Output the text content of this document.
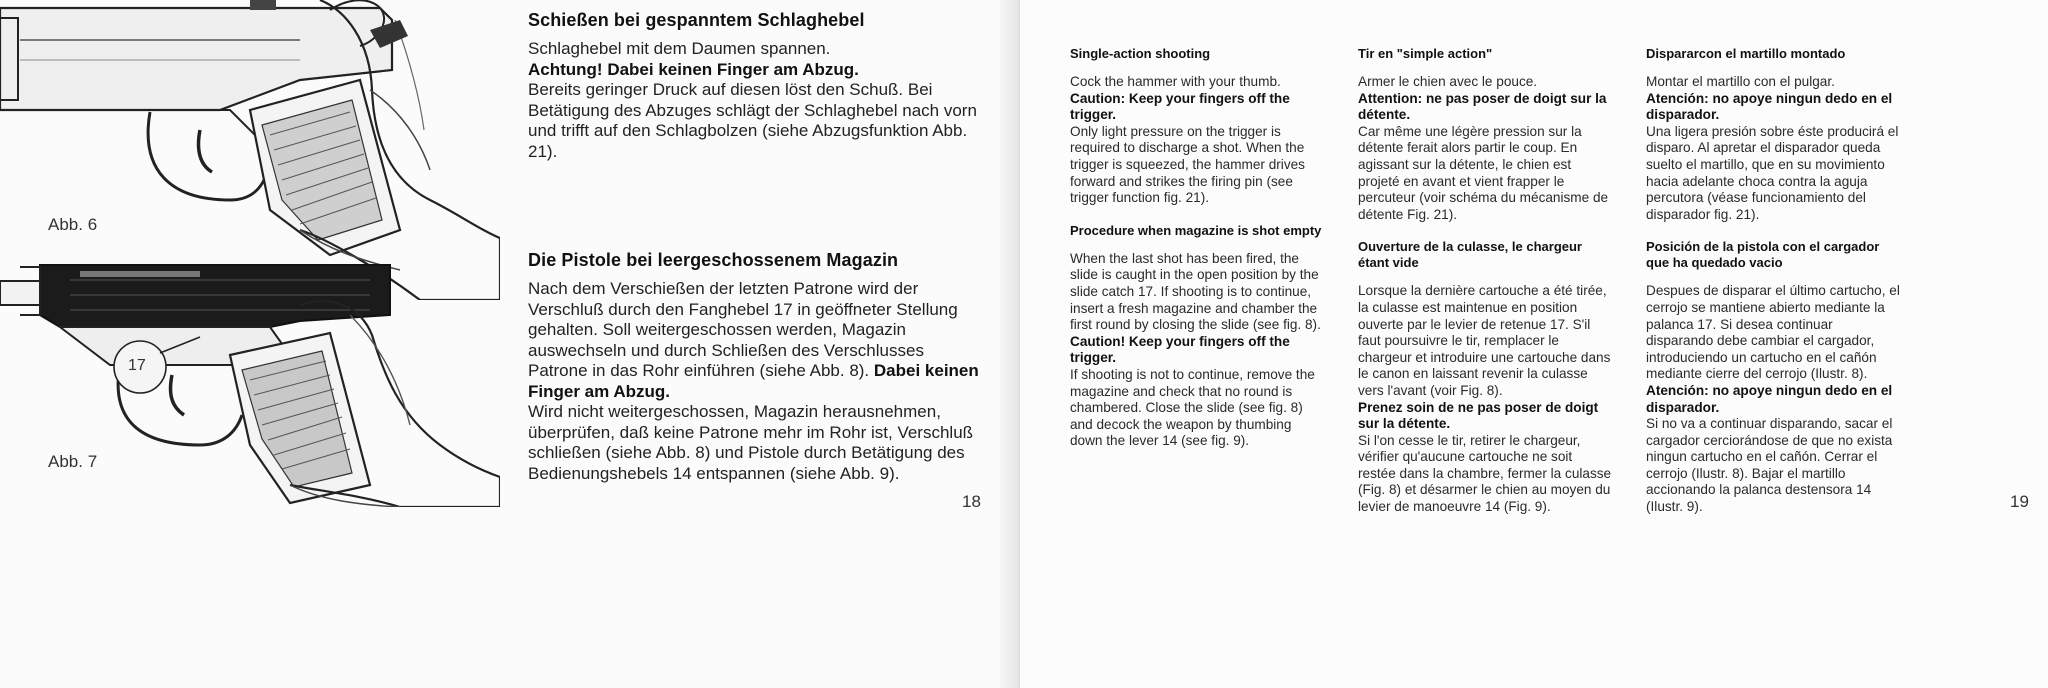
Abb. 6
17
Abb. 7

Schießen bei gespanntem Schlaghebel

Schlaghebel mit dem Daumen spannen.
Achtung! Dabei keinen Finger am Abzug.
Bereits geringer Druck auf diesen löst den Schuß. Bei Betätigung des Abzuges schlägt der Schlaghebel nach vorn und trifft auf den Schlagbolzen (siehe Abzugsfunktion Abb. 21).

Die Pistole bei leergeschossenem Magazin

Nach dem Verschießen der letzten Patrone wird der Verschluß durch den Fanghebel 17 in geöffneter Stellung gehalten. Soll weitergeschossen werden, Magazin auswechseln und durch Schließen des Verschlusses Patrone in das Rohr einführen (siehe Abb. 8). Dabei keinen Finger am Abzug.
Wird nicht weitergeschossen, Magazin herausnehmen, überprüfen, daß keine Patrone mehr im Rohr ist, Verschluß schließen (siehe Abb. 8) und Pistole durch Betätigung des Bedienungshebels 14 entspannen (siehe Abb. 9).

18

Single-action shooting

Cock the hammer with your thumb.
Caution: Keep your fingers off the trigger.
Only light pressure on the trigger is required to discharge a shot. When the trigger is squeezed, the hammer drives forward and strikes the firing pin (see trigger function fig. 21).

Procedure when magazine is shot empty

When the last shot has been fired, the slide is caught in the open position by the slide catch 17. If shooting is to continue, insert a fresh magazine and chamber the first round by closing the slide (see fig. 8).
Caution! Keep your fingers off the trigger.
If shooting is not to continue, remove the magazine and check that no round is chambered. Close the slide (see fig. 8) and decock the weapon by thumbing down the lever 14 (see fig. 9).

Tir en "simple action"

Armer le chien avec le pouce.
Attention: ne pas poser de doigt sur la détente.
Car même une légère pression sur la détente ferait alors partir le coup. En agissant sur la détente, le chien est projeté en avant et vient frapper le percuteur (voir schéma du mécanisme de détente Fig. 21).

Ouverture de la culasse, le chargeur étant vide

Lorsque la dernière cartouche a été tirée, la culasse est maintenue en position ouverte par le levier de retenue 17. S'il faut poursuivre le tir, remplacer le chargeur et introduire une cartouche dans le canon en laissant revenir la culasse vers l'avant (voir Fig. 8).
Prenez soin de ne pas poser de doigt sur la détente.
Si l'on cesse le tir, retirer le chargeur, vérifier qu'aucune cartouche ne soit restée dans la chambre, fermer la culasse (Fig. 8) et désarmer le chien au moyen du levier de manoeuvre 14 (Fig. 9).

Dispararcon el martillo montado

Montar el martillo con el pulgar.
Atención: no apoye ningun dedo en el disparador.
Una ligera presión sobre éste producirá el disparo. Al apretar el disparador queda suelto el martillo, que en su movimiento hacia adelante choca contra la aguja percutora (véase funcionamiento del disparador fig. 21).

Posición de la pistola con el cargador que ha quedado vacio

Despues de disparar el último cartucho, el cerrojo se mantiene abierto mediante la palanca 17. Si desea continuar disparando debe cambiar el cargador, introduciendo un cartucho en el cañón mediante cierre del cerrojo (Ilustr. 8).
Atención: no apoye ningun dedo en el disparador.
Si no va a continuar disparando, sacar el cargador cerciorándose de que no exista ningun cartucho en el cañón. Cerrar el cerrojo (Ilustr. 8). Bajar el martillo accionando la palanca destensora 14 (Ilustr. 9).	19
